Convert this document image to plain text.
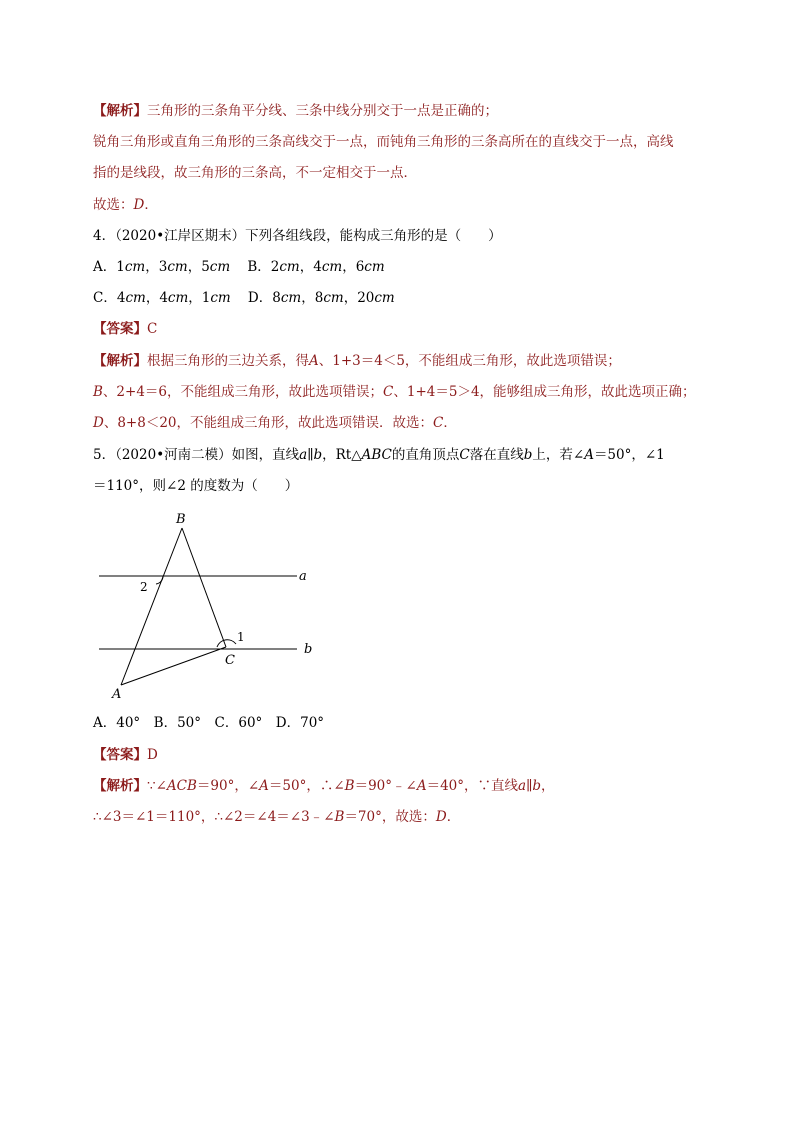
【解析】三角形的三条角平分线、三条中线分别交于一点是正确的；
锐角三角形或直角三角形的三条高线交于一点，而钝角三角形的三条高所在的直线交于一点，高线
指的是线段，故三角形的三条高，不一定相交于一点．
故选：D．
4．（2020•江岸区期末）下列各组线段，能构成三角形的是（　　）
A．1cm，3cm，5cm B．2cm，4cm，6cm
C．4cm，4cm，1cm D．8cm，8cm，20cm
【答案】C
【解析】根据三角形的三边关系，得A、1+3＝4＜5，不能组成三角形，故此选项错误；
B、2+4＝6，不能组成三角形，故此选项错误；C、1+4＝5＞4，能够组成三角形，故此选项正确；
D、8+8＜20，不能组成三角形，故此选项错误．故选：C．
5．（2020•河南二模）如图，直线a∥b，Rt△ABC的直角顶点C落在直线b上，若∠A＝50°，∠1
＝110°，则∠2 的度数为（　　）
B
A
C
a
b
1
2
A．40°　B．50°　C．60°　D．70°
【答案】D
【解析】∵∠ACB＝90°，∠A＝50°，∴∠B＝90°﹣∠A＝40°，∵直线a∥b，
∴∠3＝∠1＝110°，∴∠2＝∠4＝∠3﹣∠B＝70°，故选：D．
